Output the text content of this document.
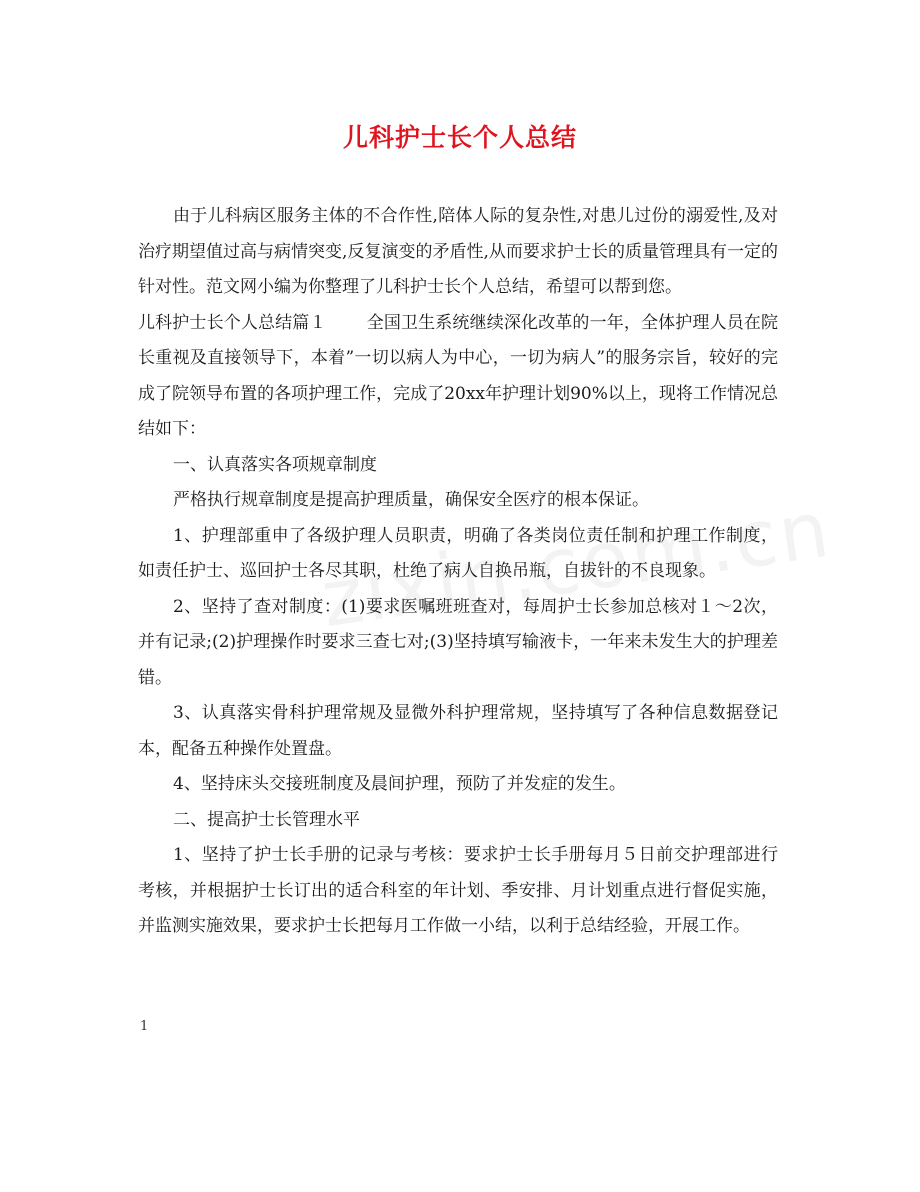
儿科护士长个人总结

由于儿科病区服务主体的不合作性,陪体人际的复杂性,对患儿过份的溺爱性,及对治疗期望值过高与病情突变,反复演变的矛盾性,从而要求护士长的质量管理具有一定的针对性。范文网小编为你整理了儿科护士长个人总结，希望可以帮到您。

儿科护士长个人总结篇１ 全国卫生系统继续深化改革的一年，全体护理人员在院长重视及直接领导下，本着”一切以病人为中心，一切为病人”的服务宗旨，较好的完成了院领导布置的各项护理工作，完成了20xx年护理计划90%以上，现将工作情况总结如下：

一、认真落实各项规章制度

严格执行规章制度是提高护理质量，确保安全医疗的根本保证。

1、护理部重申了各级护理人员职责，明确了各类岗位责任制和护理工作制度，如责任护士、巡回护士各尽其职，杜绝了病人自换吊瓶，自拔针的不良现象。

2、坚持了查对制度：(1)要求医嘱班班查对，每周护士长参加总核对１～2次，并有记录;(2)护理操作时要求三查七对;(3)坚持填写输液卡，一年来未发生大的护理差错。

3、认真落实骨科护理常规及显微外科护理常规，坚持填写了各种信息数据登记本，配备五种操作处置盘。

4、坚持床头交接班制度及晨间护理，预防了并发症的发生。

二、提高护士长管理水平

1、坚持了护士长手册的记录与考核：要求护士长手册每月５日前交护理部进行考核，并根据护士长订出的适合科室的年计划、季安排、月计划重点进行督促实施，并监测实施效果，要求护士长把每月工作做一小结，以利于总结经验，开展工作。

1
